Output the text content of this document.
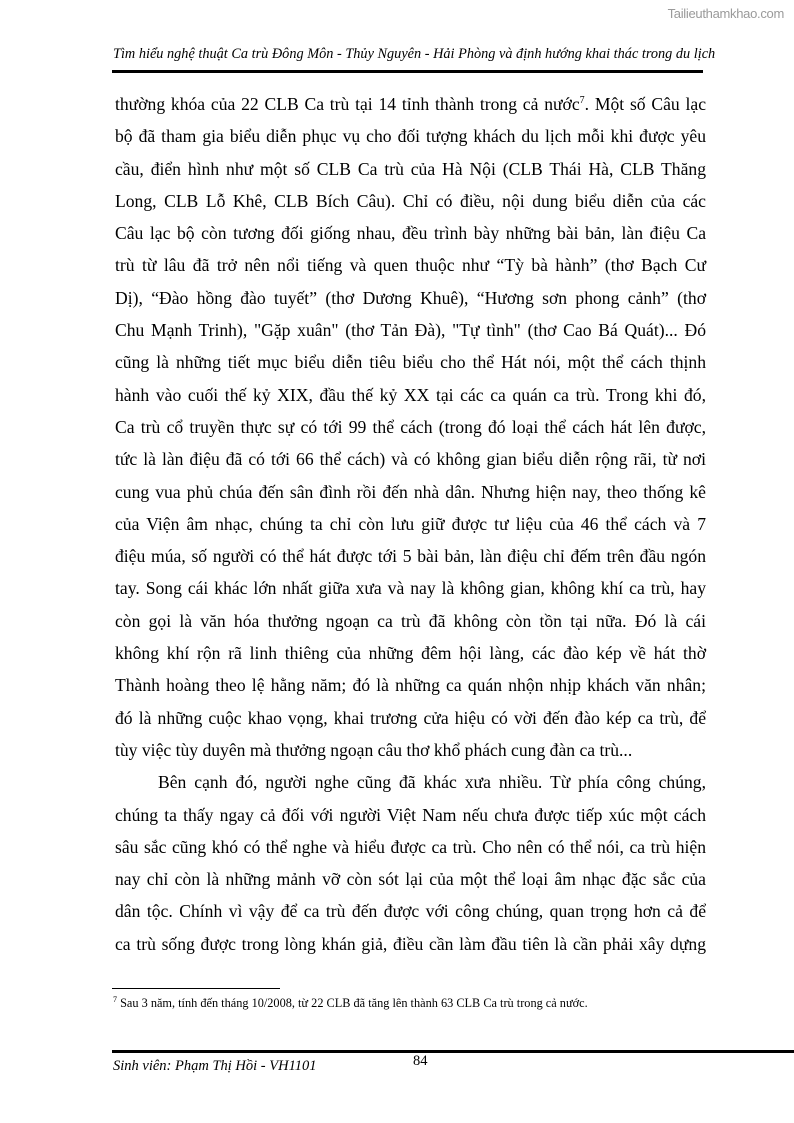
Tailieuthamkhao.com
Tìm hiểu nghệ thuật Ca trù Đông Môn - Thủy Nguyên - Hải Phòng và định hướng khai thác trong du lịch
thường khóa của 22 CLB Ca trù tại 14 tỉnh thành trong cả nước$^7$. Một số Câu lạc
bộ đã tham gia biểu diễn phục vụ cho đối tượng khách du lịch mỗi khi được yêu
cầu, điển hình như một số CLB Ca trù của Hà Nội (CLB Thái Hà, CLB Thăng
Long, CLB Lỗ Khê, CLB Bích Câu). Chỉ có điều, nội dung biểu diễn của các
Câu lạc bộ còn tương đối giống nhau, đều trình bày những bài bản, làn điệu Ca
trù từ lâu đã trở nên nổi tiếng và quen thuộc như “Tỳ bà hành” (thơ Bạch Cư
Dị), “Đào hồng đào tuyết” (thơ Dương Khuê), “Hương sơn phong cảnh” (thơ
Chu Mạnh Trinh), "Gặp xuân" (thơ Tản Đà), "Tự tình" (thơ Cao Bá Quát)... Đó
cũng là những tiết mục biểu diễn tiêu biểu cho thể Hát nói, một thể cách thịnh
hành vào cuối thế kỷ XIX, đầu thế kỷ XX tại các ca quán ca trù. Trong khi đó,
Ca trù cổ truyền thực sự có tới 99 thể cách (trong đó loại thể cách hát lên được,
tức là làn điệu đã có tới 66 thể cách) và có không gian biểu diễn rộng rãi, từ nơi
cung vua phủ chúa đến sân đình rồi đến nhà dân. Nhưng hiện nay, theo thống kê
của Viện âm nhạc, chúng ta chỉ còn lưu giữ được tư liệu của 46 thể cách và 7
điệu múa, số người có thể hát được tới 5 bài bản, làn điệu chỉ đếm trên đầu ngón
tay. Song cái khác lớn nhất giữa xưa và nay là không gian, không khí ca trù, hay
còn gọi là văn hóa thưởng ngoạn ca trù đã không còn tồn tại nữa. Đó là cái
không khí rộn rã linh thiêng của những đêm hội làng, các đào kép về hát thờ
Thành hoàng theo lệ hằng năm; đó là những ca quán nhộn nhịp khách văn nhân;
đó là những cuộc khao vọng, khai trương cửa hiệu có vời đến đào kép ca trù, để
tùy việc tùy duyên mà thưởng ngoạn câu thơ khổ phách cung đàn ca trù...
Bên cạnh đó, người nghe cũng đã khác xưa nhiều. Từ phía công chúng,
chúng ta thấy ngay cả đối với người Việt Nam nếu chưa được tiếp xúc một cách
sâu sắc cũng khó có thể nghe và hiểu được ca trù. Cho nên có thể nói, ca trù hiện
nay chỉ còn là những mảnh vỡ còn sót lại của một thể loại âm nhạc đặc sắc của
dân tộc. Chính vì vậy để ca trù đến được với công chúng, quan trọng hơn cả để
ca trù sống được trong lòng khán giả, điều cần làm đầu tiên là cần phải xây dựng
$^7$ Sau 3 năm, tính đến tháng 10/2008, từ 22 CLB đã tăng lên thành 63 CLB Ca trù trong cả nước.
Sinh viên: Phạm Thị Hồi - VH1101	84
